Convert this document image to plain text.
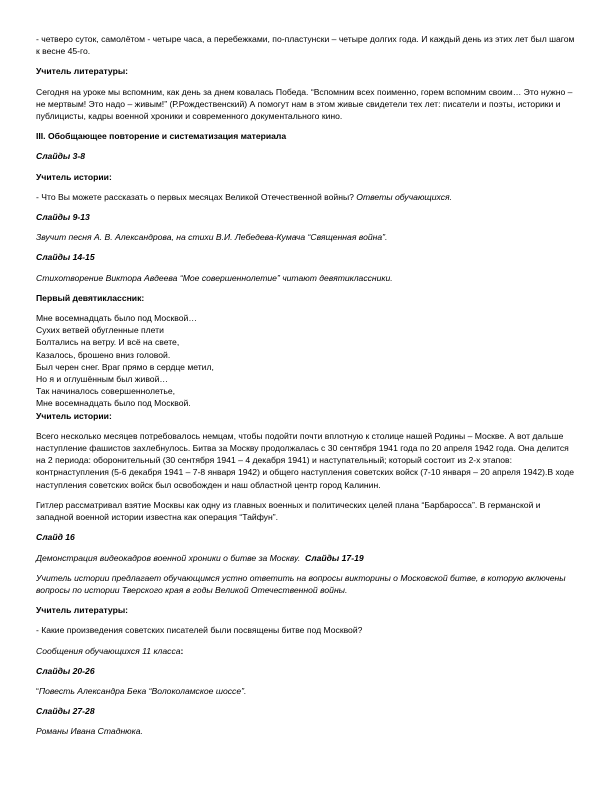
- четверо суток, самолётом - четыре часа, а перебежками, по-пластунски – четыре долгих года. И каждый день из этих лет был шагом к весне 45-го.

Учитель литературы:

Сегодня на уроке мы вспомним, как день за днем ковалась Победа. “Вспомним всех поименно, горем вспомним своим… Это нужно – не мертвым! Это надо – живым!” (Р.Рождественский) А помогут нам в этом живые свидетели тех лет: писатели и поэты, историки и публицисты, кадры военной хроники и современного документального кино.

III. Обобщающее повторение и систематизация материала

Слайды 3-8

Учитель истории:

- Что Вы можете рассказать о первых месяцах Великой Отечественной войны? Ответы обучающихся.

Слайды 9-13

Звучит песня А. В. Александрова, на стихи В.И. Лебедева-Кумача “Священная война”.

Слайды 14-15

Стихотворение Виктора Авдеева “Мое совершеннолетие” читают девятиклассники.

Первый девятиклассник:

Мне восемнадцать было под Москвой…

Сухих ветвей обугленные плети

Болтались на ветру. И всё на свете,

Казалось, брошено вниз головой.

Был черен снег. Враг прямо в сердце метил,

Но я и оглушённым был живой…

Так начиналось совершеннолетье,

Мне восемнадцать было под Москвой.

Учитель истории:

Всего несколько месяцев потребовалось немцам, чтобы подойти почти вплотную к столице нашей Родины – Москве. А вот дальше наступление фашистов захлебнулось. Битва за Москву продолжалась с 30 сентября 1941 года по 20 апреля 1942 года. Она делится на 2 периода: оборонительный (30 сентября 1941 – 4 декабря 1941) и наступательный; который состоит из 2-х этапов: контрнаступления (5-6 декабря 1941 – 7-8 января 1942) и общего наступления советских войск (7-10 января – 20 апреля 1942).В ходе наступления советских войск был освобожден и наш областной центр город Калинин.

Гитлер рассматривал взятие Москвы как одну из главных военных и политических целей плана “Барбаросса”. В германской и западной военной истории известна как операция “Тайфун”.

Слайд 16

Демонстрация видеокадров военной хроники о битве за Москву. Слайды 17-19

Учитель истории предлагает обучающимся устно ответить на вопросы викторины о Московской битве, в которую включены вопросы по истории Тверского края в годы Великой Отечественной войны.

Учитель литературы:

- Какие произведения советских писателей были посвящены битве под Москвой?

Сообщения обучающихся 11 класса:

Слайды 20-26

“Повесть Александра Бека “Волоколамское шоссе”.

Слайды 27-28

Романы Ивана Стаднюка.
